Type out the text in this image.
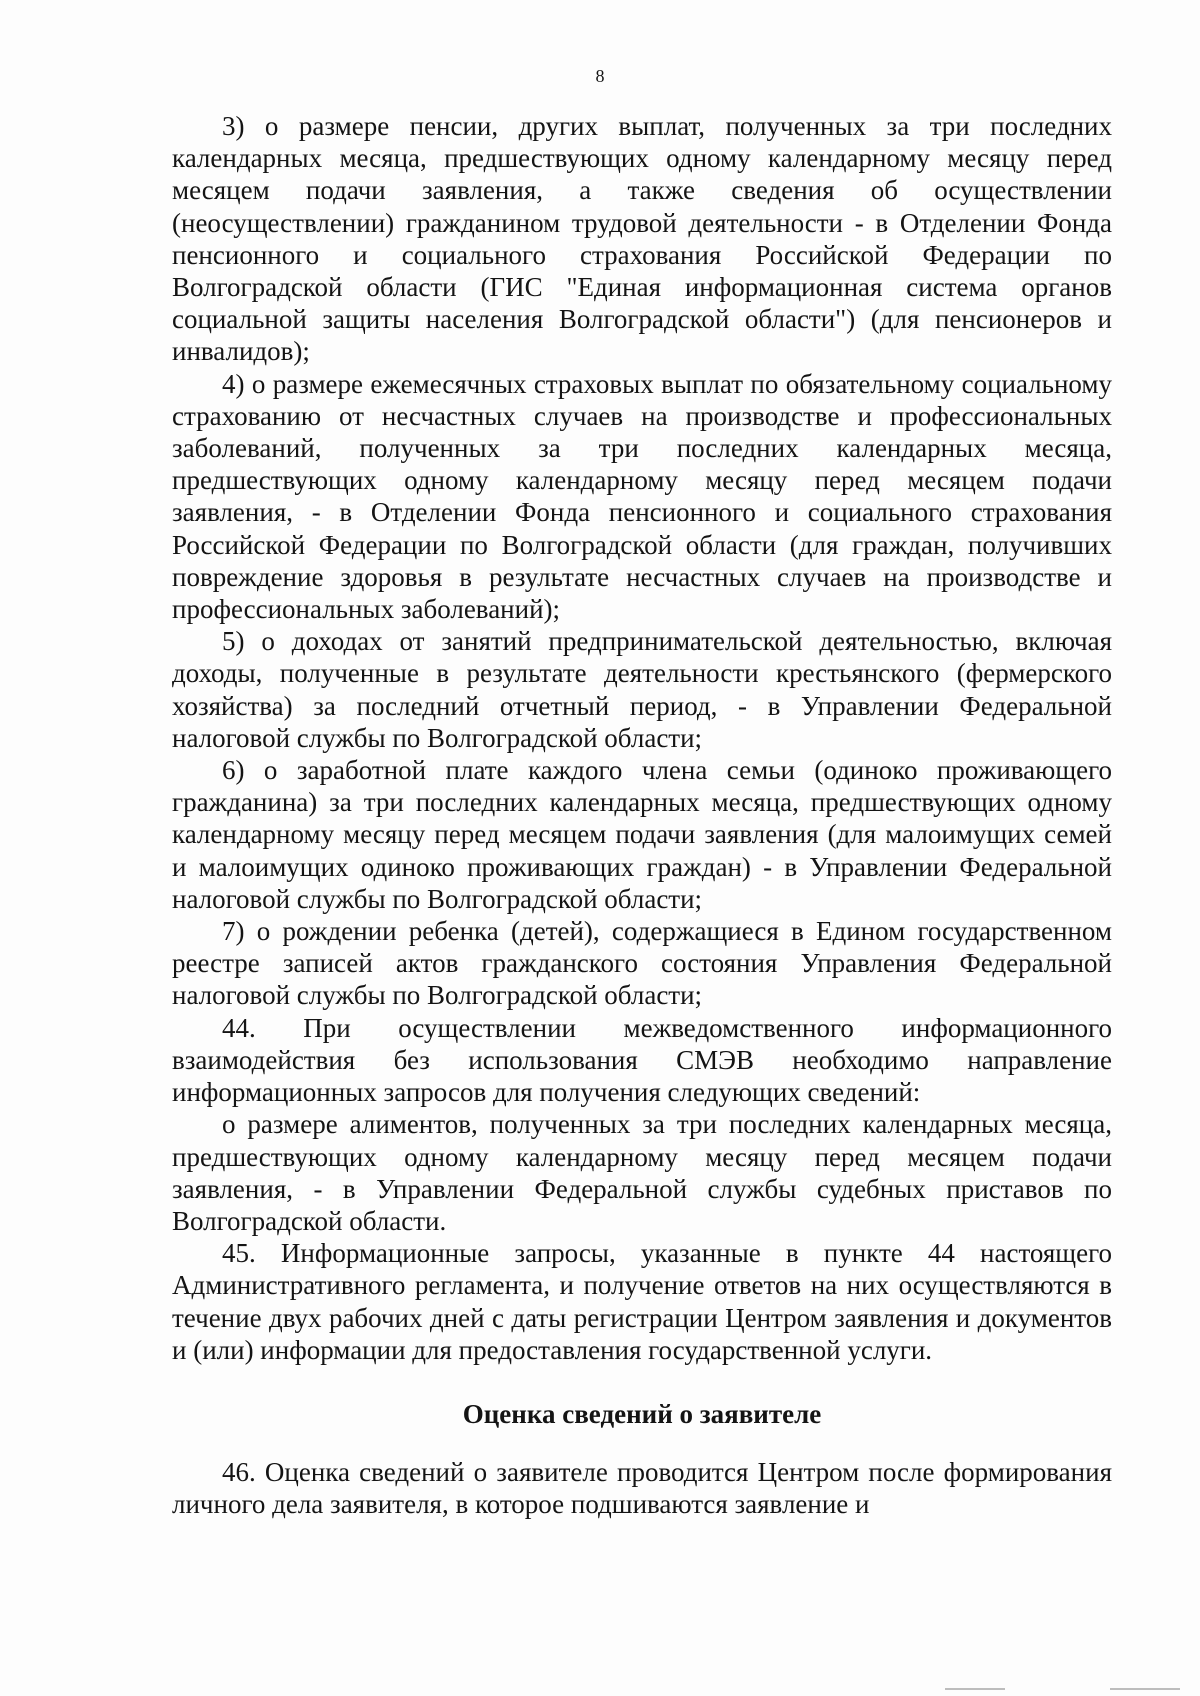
8

3) о размере пенсии, других выплат, полученных за три последних календарных месяца, предшествующих одному календарному месяцу перед месяцем подачи заявления, а также сведения об осуществлении (неосуществлении) гражданином трудовой деятельности - в Отделении Фонда пенсионного и социального страхования Российской Федерации по Волгоградской области (ГИС "Единая информационная система органов социальной защиты населения Волгоградской области") (для пенсионеров и инвалидов);

4) о размере ежемесячных страховых выплат по обязательному социальному страхованию от несчастных случаев на производстве и профессиональных заболеваний, полученных за три последних календарных месяца, предшествующих одному календарному месяцу перед месяцем подачи заявления, - в Отделении Фонда пенсионного и социального страхования Российской Федерации по Волгоградской области (для граждан, получивших повреждение здоровья в результате несчастных случаев на производстве и профессиональных заболеваний);

5) о доходах от занятий предпринимательской деятельностью, включая доходы, полученные в результате деятельности крестьянского (фермерского хозяйства) за последний отчетный период, - в Управлении Федеральной налоговой службы по Волгоградской области;

6) о заработной плате каждого члена семьи (одиноко проживающего гражданина) за три последних календарных месяца, предшествующих одному календарному месяцу перед месяцем подачи заявления (для малоимущих семей и малоимущих одиноко проживающих граждан) - в Управлении Федеральной налоговой службы по Волгоградской области;

7) о рождении ребенка (детей), содержащиеся в Едином государственном реестре записей актов гражданского состояния Управления Федеральной налоговой службы по Волгоградской области;

44. При осуществлении межведомственного информационного взаимодействия без использования СМЭВ необходимо направление информационных запросов для получения следующих сведений:

о размере алиментов, полученных за три последних календарных месяца, предшествующих одному календарному месяцу перед месяцем подачи заявления, - в Управлении Федеральной службы судебных приставов по Волгоградской области.

45. Информационные запросы, указанные в пункте 44 настоящего Административного регламента, и получение ответов на них осуществляются в течение двух рабочих дней с даты регистрации Центром заявления и документов и (или) информации для предоставления государственной услуги.

Оценка сведений о заявителе

46. Оценка сведений о заявителе проводится Центром после формирования личного дела заявителя, в которое подшиваются заявление и
